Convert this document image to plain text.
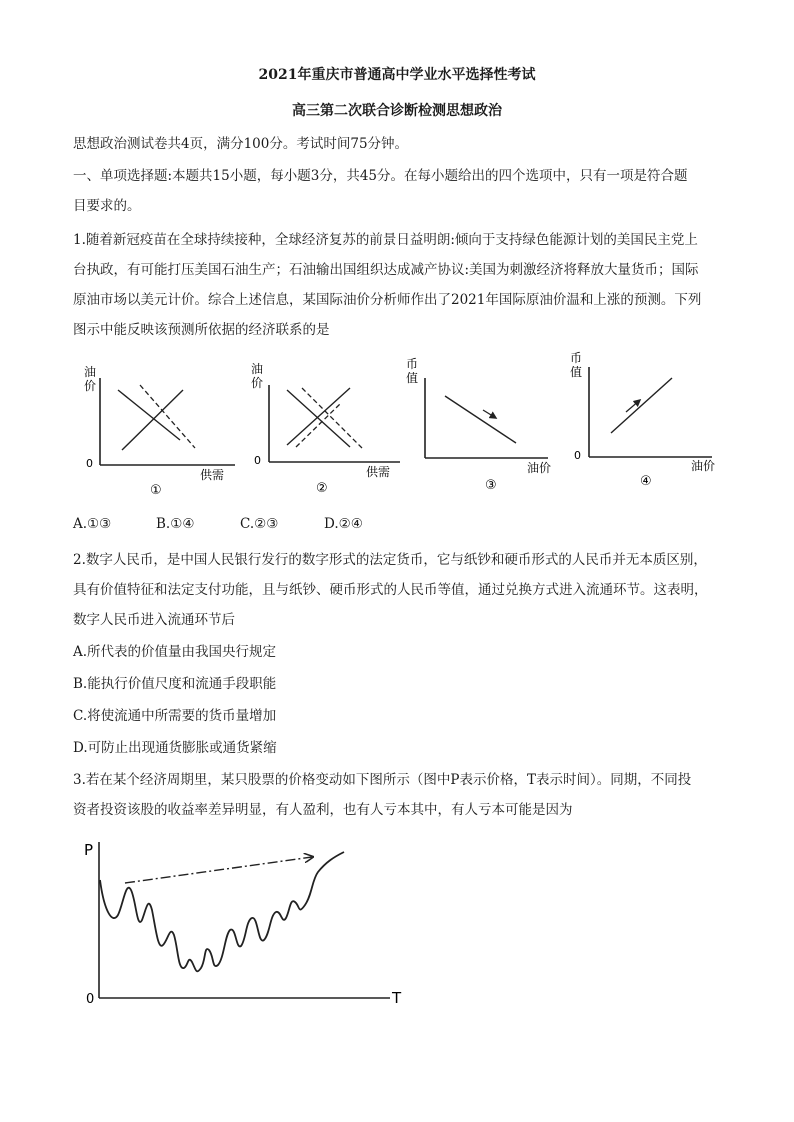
2021年重庆市普通高中学业水平选择性考试
高三第二次联合诊断检测思想政治
思想政治测试卷共4页，满分100分。考试时间75分钟。
一、单项选择题:本题共15小题，每小题3分，共45分。在每小题给出的四个选项中，只有一项是符合题
目要求的。
1.随着新冠疫苗在全球持续接种，全球经济复苏的前景日益明朗:倾向于支持绿色能源计划的美国民主党上
台执政，有可能打压美国石油生产；石油输出国组织达成减产协议:美国为刺激经济将释放大量货币；国际
原油市场以美元计价。综合上述信息，某国际油价分析师作出了2021年国际原油价温和上涨的预测。下列
图示中能反映该预测所依据的经济联系的是
油
价
0
供需
①
油
价
0
供需
②
币
值
油价
③
币
值
0
油价
④
A.①③	B.①④	C.②③	D.②④
2.数字人民币，是中国人民银行发行的数字形式的法定货币，它与纸钞和硬币形式的人民币并无本质区别，
具有价值特征和法定支付功能，且与纸钞、硬币形式的人民币等值，通过兑换方式进入流通环节。这表明，
数字人民币进入流通环节后
A.所代表的价值量由我国央行规定
B.能执行价值尺度和流通手段职能
C.将使流通中所需要的货币量增加
D.可防止出现通货膨胀或通货紧缩
3.若在某个经济周期里，某只股票的价格变动如下图所示（图中P表示价格，T表示时间）。同期，不同投
资者投资该股的收益率差异明显，有人盈利，也有人亏本其中，有人亏本可能是因为
P
0	T
